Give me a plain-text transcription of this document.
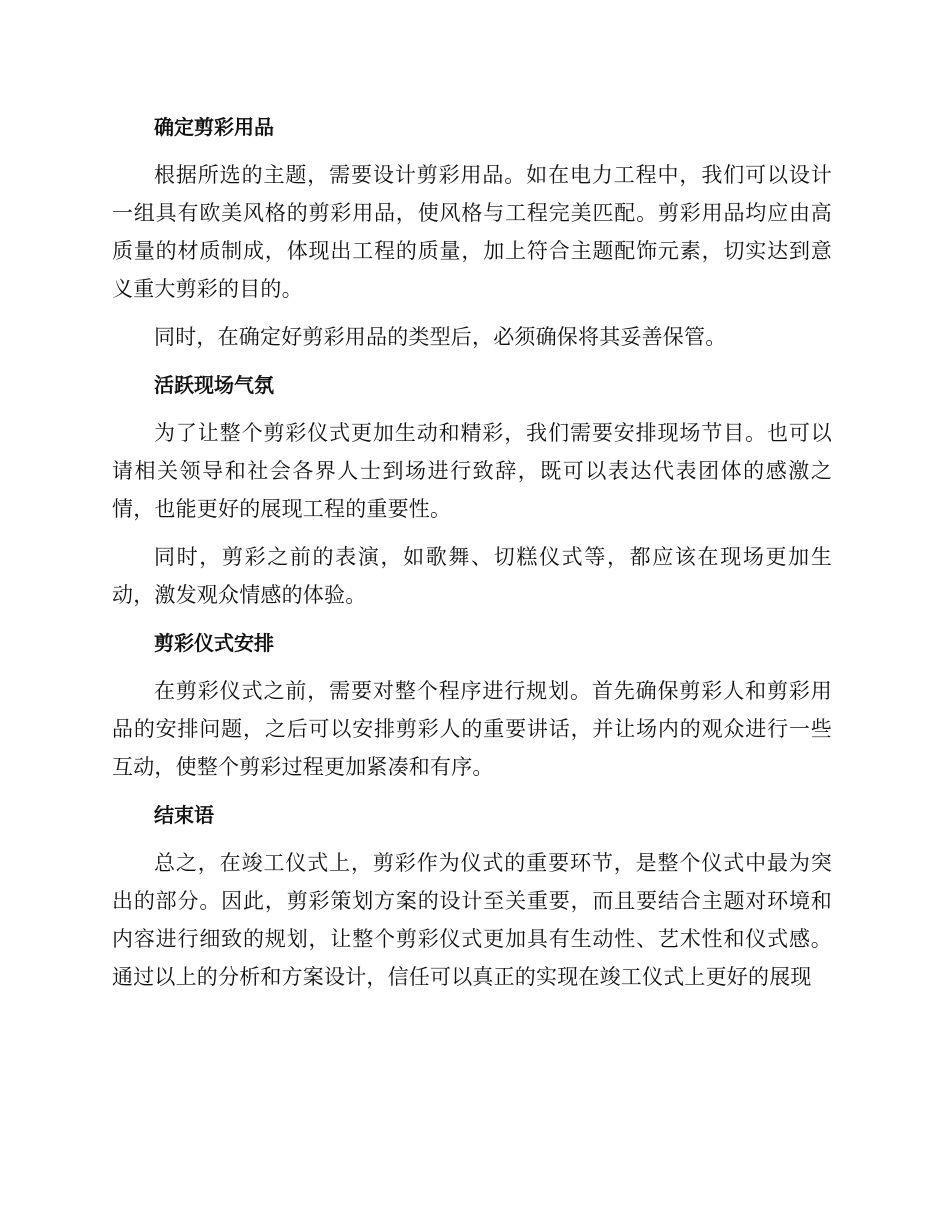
确定剪彩用品

根据所选的主题，需要设计剪彩用品。如在电力工程中，我们可以设计一组具有欧美风格的剪彩用品，使风格与工程完美匹配。剪彩用品均应由高质量的材质制成，体现出工程的质量，加上符合主题配饰元素，切实达到意义重大剪彩的目的。

同时，在确定好剪彩用品的类型后，必须确保将其妥善保管。

活跃现场气氛

为了让整个剪彩仪式更加生动和精彩，我们需要安排现场节目。也可以请相关领导和社会各界人士到场进行致辞，既可以表达代表团体的感激之情，也能更好的展现工程的重要性。

同时，剪彩之前的表演，如歌舞、切糕仪式等，都应该在现场更加生动，激发观众情感的体验。

剪彩仪式安排

在剪彩仪式之前，需要对整个程序进行规划。首先确保剪彩人和剪彩用品的安排问题，之后可以安排剪彩人的重要讲话，并让场内的观众进行一些互动，使整个剪彩过程更加紧凑和有序。

结束语

总之，在竣工仪式上，剪彩作为仪式的重要环节，是整个仪式中最为突出的部分。因此，剪彩策划方案的设计至关重要，而且要结合主题对环境和内容进行细致的规划，让整个剪彩仪式更加具有生动性、艺术性和仪式感。通过以上的分析和方案设计，信任可以真正的实现在竣工仪式上更好的展现
